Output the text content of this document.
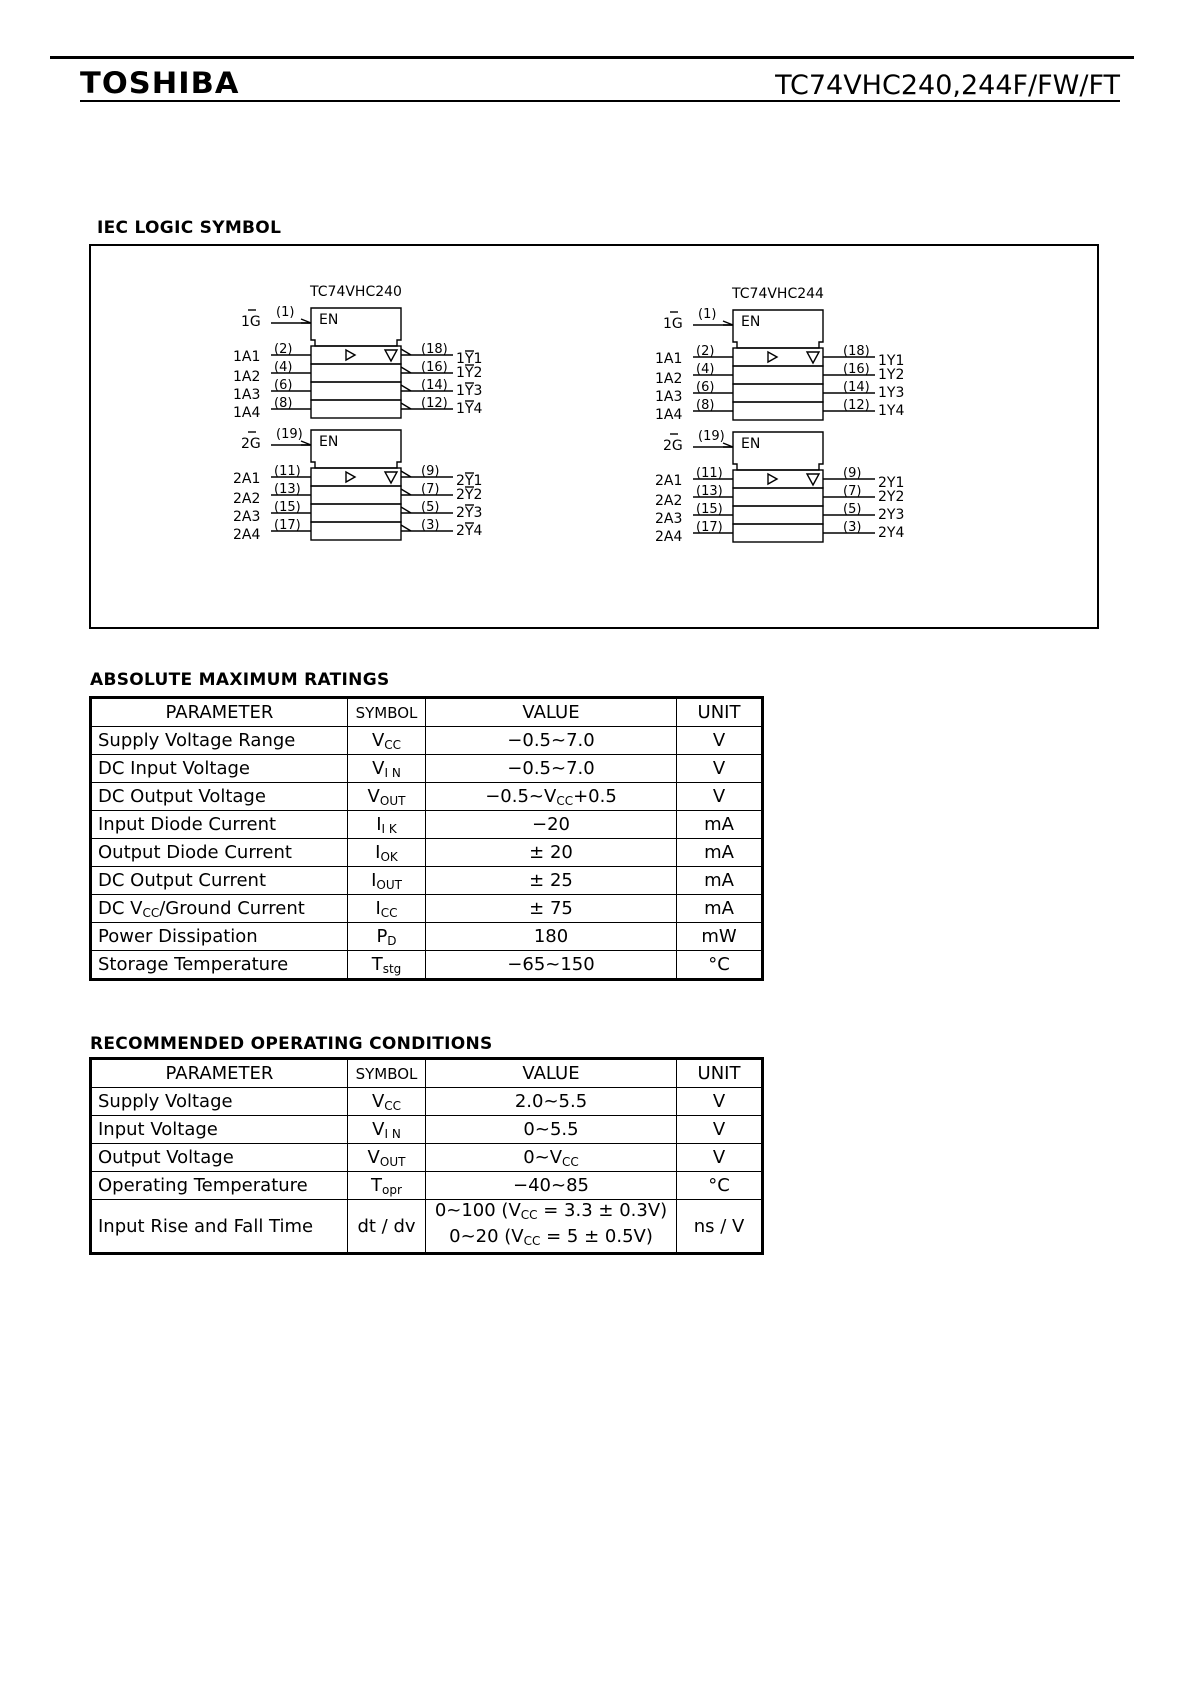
TOSHIBA	TC74VHC240,244F/FW/FT
IEC LOGIC SYMBOL
TC74VHC240
EN
1G
(1)
1A1 (2)	(18)
1Y1
1A2
(4)	(16) 1Y2
1A3
(6)	(14) 1Y3
1A4
(8)	(12) 1Y4
EN
2G
(19)
2A1 (11)	(9)
2Y1
2A2
(13)	(7) 2Y2
2A3
(15)	(5) 2Y3
2A4
(17)	(3) 2Y4
TC74VHC244
EN
1G
(1)
1A1 (2)	(18)
1Y1
1A2
(4)	(16) 1Y2
1A3
(6)	(14) 1Y3
1A4
(8)	(12) 1Y4
EN
2G
(19)
2A1 (11)	(9)
2Y1
2A2
(13)	(7) 2Y2
2A3
(15)	(5) 2Y3
2A4
(17)	(3) 2Y4
ABSOLUTE MAXIMUM RATINGS
PARAMETER	SYMBOL	VALUE	UNIT
Supply Voltage Range	$V_{CC}$	−0.5~7.0	V
DC Input Voltage	$V_{I N}$	−0.5~7.0	V
DC Output Voltage	$V_{OUT}$	$-0.5\sim V_{CC}+0.5$	V
Input Diode Current	$I_{I K}$	−20	mA
Output Diode Current	$I_{OK}$	± 20	mA
DC Output Current	$I_{OUT}$	± 25	mA
DC $V_{CC}$/Ground Current	$I_{CC}$	± 75	mA
Power Dissipation	$P_D$	180	mW
Storage Temperature	$T_{stg}$	−65~150	°C
RECOMMENDED OPERATING CONDITIONS
PARAMETER	SYMBOL	VALUE	UNIT
Supply Voltage	$V_{CC}$	2.0~5.5	V
Input Voltage	$V_{I N}$	0~5.5	V
Output Voltage	$V_{OUT}$	$0\sim V_{CC}$	V
Operating Temperature	$T_{opr}$	−40~85	°C
Input Rise and Fall Time	dt / dv	0~100 $(V_{CC} = 3.3 \pm 0.3V)$
0~20 $(V_{CC} = 5 \pm 0.5V)$	ns / V
